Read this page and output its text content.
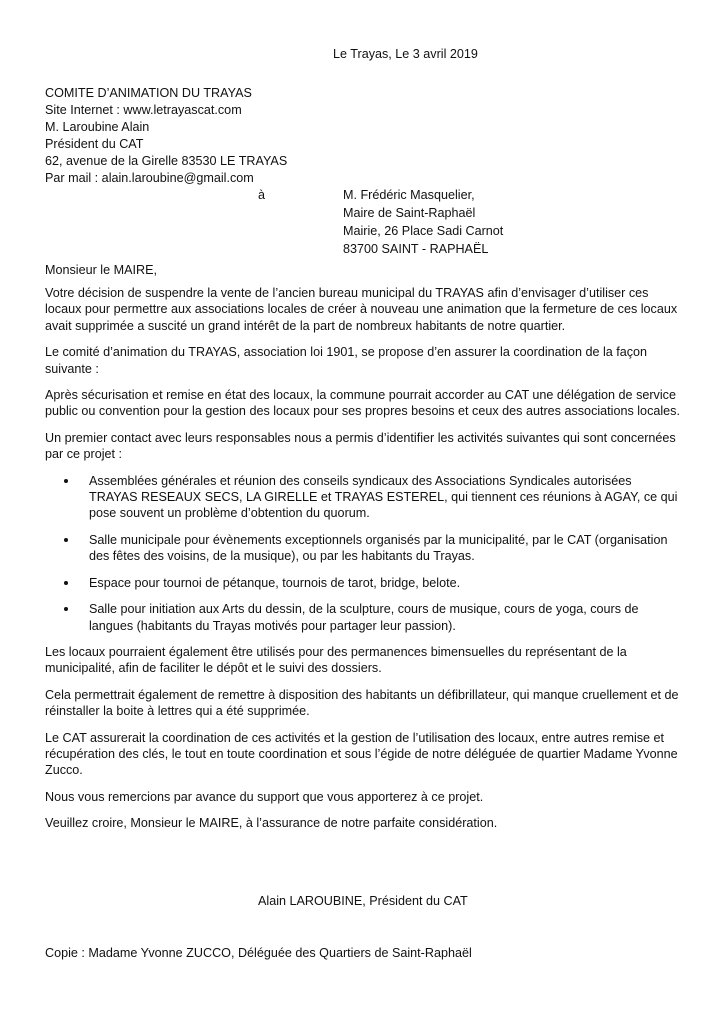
Le Trayas, Le 3 avril 2019
COMITE D’ANIMATION DU TRAYAS
Site Internet : www.letrayascat.com
M. Laroubine Alain
Président du CAT
62, avenue de la Girelle 83530 LE TRAYAS
Par mail : alain.laroubine@gmail.com
à	M. Frédéric Masquelier,
Maire de Saint-Raphaël
Mairie, 26 Place Sadi Carnot
83700 SAINT - RAPHAËL
Monsieur le MAIRE,

Votre décision de suspendre la vente de l’ancien bureau municipal du TRAYAS afin d’envisager d’utiliser ces locaux pour permettre aux associations locales de créer à nouveau une animation que la fermeture de ces locaux avait supprimée a suscité un grand intérêt de la part de nombreux habitants de notre quartier.

Le comité d’animation du TRAYAS, association loi 1901, se propose d’en assurer la coordination de la façon suivante :

Après sécurisation et remise en état des locaux, la commune pourrait accorder au CAT une délégation de service public ou convention pour la gestion des locaux pour ses propres besoins et ceux des autres associations locales.

Un premier contact avec leurs responsables nous a permis d’identifier les activités suivantes qui sont concernées par ce projet :

Assemblées générales et réunion des conseils syndicaux des Associations Syndicales autorisées TRAYAS RESEAUX SECS, LA GIRELLE et TRAYAS ESTEREL, qui tiennent ces réunions à AGAY, ce qui pose souvent un problème d’obtention du quorum.
Salle municipale pour évènements exceptionnels organisés par la municipalité, par le CAT (organisation des fêtes des voisins, de la musique), ou par les habitants du Trayas.
Espace pour tournoi de pétanque, tournois de tarot, bridge, belote.
Salle pour initiation aux Arts du dessin, de la sculpture, cours de musique, cours de yoga, cours de langues (habitants du Trayas motivés pour partager leur passion).

Les locaux pourraient également être utilisés pour des permanences bimensuelles du représentant de la municipalité, afin de faciliter le dépôt et le suivi des dossiers.

Cela permettrait également de remettre à disposition des habitants un défibrillateur, qui manque cruellement et de réinstaller la boite à lettres qui a été supprimée.

Le CAT assurerait la coordination de ces activités et la gestion de l’utilisation des locaux, entre autres remise et récupération des clés, le tout en toute coordination et sous l’égide de notre déléguée de quartier Madame Yvonne Zucco.

Nous vous remercions par avance du support que vous apporterez à ce projet.

Veuillez croire, Monsieur le MAIRE, à l’assurance de notre parfaite considération.

Alain LAROUBINE, Président du CAT
Copie : Madame Yvonne ZUCCO, Déléguée des Quartiers de Saint-Raphaël
